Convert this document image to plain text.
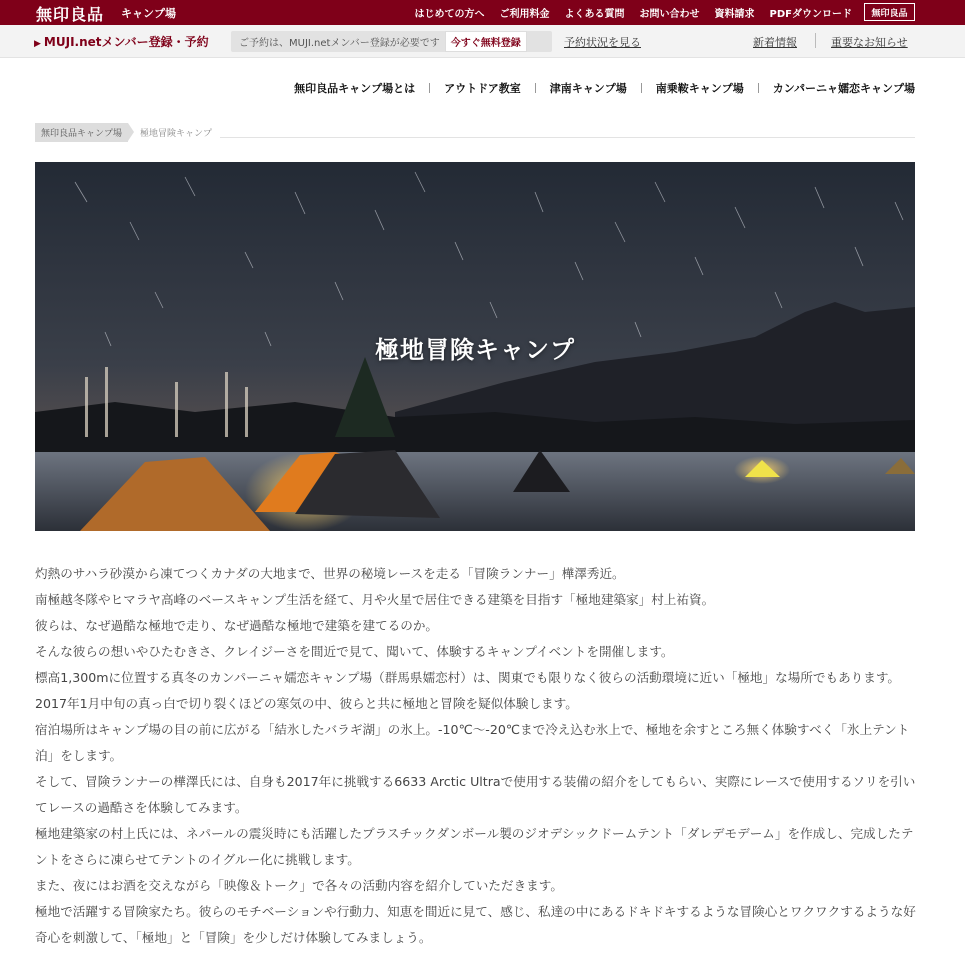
無印良品 キャンプ場	はじめての方へ ご利用料金 よくある質問 お問い合わせ 資料請求 PDFダウンロード	無印良品
▶ MUJI.netメンバー登録・予約	ご予約は、MUJI.netメンバー登録が必要です	今すぐ無料登録	予約状況を見る	新着情報	重要なお知らせ
無印良品キャンプ場とは	アウトドア教室	津南キャンプ場	南乗鞍キャンプ場	カンパーニャ嬬恋キャンプ場
無印良品キャンプ場	極地冒険キャンプ
極地冒険キャンプ

灼熱のサハラ砂漠から凍てつくカナダの大地まで、世界の秘境レースを走る「冒険ランナー」樺澤秀近。

南極越冬隊やヒマラヤ高峰のベースキャンプ生活を経て、月や火星で居住できる建築を目指す「極地建築家」村上祐資。

彼らは、なぜ過酷な極地で走り、なぜ過酷な極地で建築を建てるのか。

そんな彼らの想いやひたむきさ、クレイジーさを間近で見て、聞いて、体験するキャンプイベントを開催します。

標高1,300mに位置する真冬のカンパーニャ嬬恋キャンプ場（群馬県嬬恋村）は、関東でも限りなく彼らの活動環境に近い「極地」な場所でもあります。2017年1月中旬の真っ白で切り裂くほどの寒気の中、彼らと共に極地と冒険を疑似体験します。

宿泊場所はキャンプ場の目の前に広がる「結氷したバラギ湖」の氷上。-10℃～-20℃まで冷え込む氷上で、極地を余すところ無く体験すべく「氷上テント泊」をします。

そして、冒険ランナーの樺澤氏には、自身も2017年に挑戦する6633 Arctic Ultraで使用する装備の紹介をしてもらい、実際にレースで使用するソリを引いてレースの過酷さを体験してみます。

極地建築家の村上氏には、ネパールの震災時にも活躍したプラスチックダンボール製のジオデシックドームテント「ダレデモデーム」を作成し、完成したテントをさらに凍らせてテントのイグルー化に挑戦します。

また、夜にはお酒を交えながら「映像＆トーク」で各々の活動内容を紹介していただきます。

極地で活躍する冒険家たち。彼らのモチベーションや行動力、知恵を間近に見て、感じ、私達の中にあるドキドキするような冒険心とワクワクするような好奇心を刺激して、「極地」と「冒険」を少しだけ体験してみましょう。
